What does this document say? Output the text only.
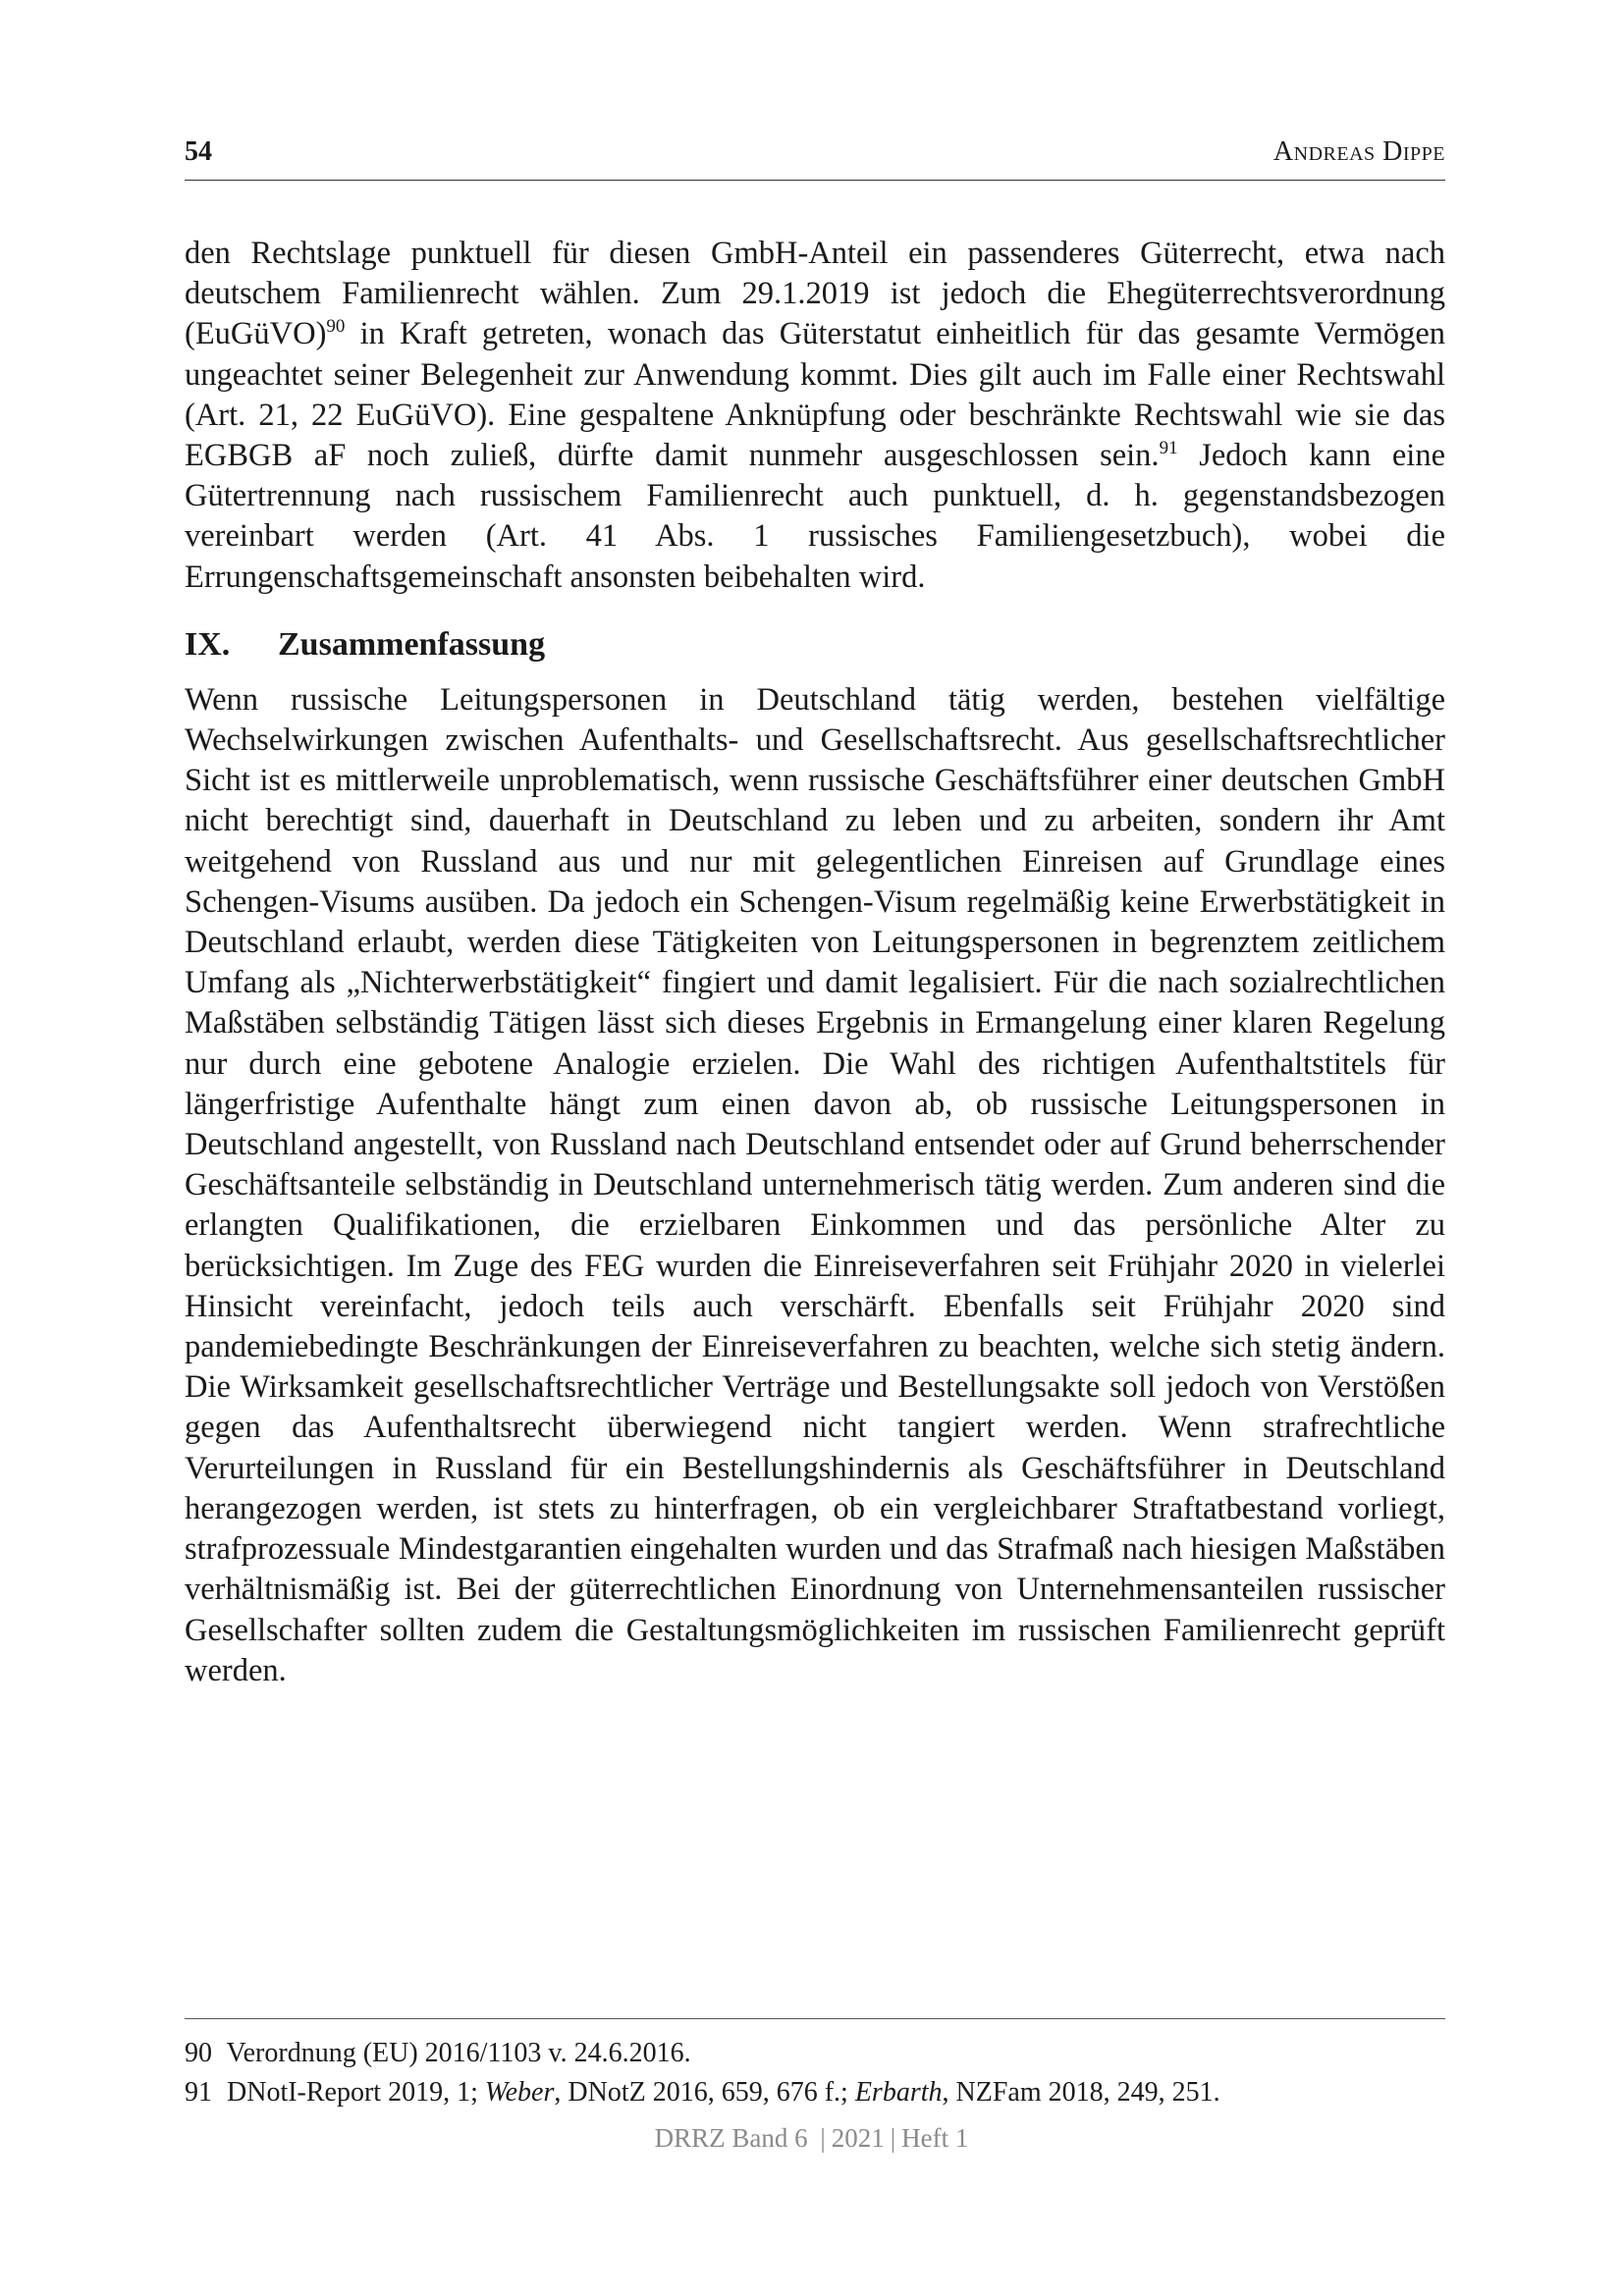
54	Andreas Dippe

den Rechtslage punktuell für diesen GmbH-Anteil ein passenderes Güterrecht, etwa nach deutschem Familienrecht wählen. Zum 29.1.2019 ist jedoch die Ehegüterrechtsverordnung (EuGüVO)$^{90}$ in Kraft getreten, wonach das Güterstatut einheitlich für das gesamte Vermögen ungeachtet seiner Belegenheit zur Anwendung kommt. Dies gilt auch im Falle einer Rechtswahl (Art. 21, 22 EuGüVO). Eine gespaltene Anknüpfung oder beschränkte Rechtswahl wie sie das EGBGB aF noch zuließ, dürfte damit nunmehr ausgeschlossen sein.$^{91}$ Jedoch kann eine Gütertrennung nach russischem Familienrecht auch punktuell, d. h. gegenstandsbezogen vereinbart werden (Art. 41 Abs. 1 russisches Familiengesetzbuch), wobei die Errungenschaftsgemeinschaft ansonsten beibehalten wird.

IX. Zusammenfassung

Wenn russische Leitungspersonen in Deutschland tätig werden, bestehen vielfältige Wechselwirkungen zwischen Aufenthalts- und Gesellschaftsrecht. Aus gesellschaftsrechtlicher Sicht ist es mittlerweile unproblematisch, wenn russische Geschäftsführer einer deutschen GmbH nicht berechtigt sind, dauerhaft in Deutschland zu leben und zu arbeiten, sondern ihr Amt weitgehend von Russland aus und nur mit gelegentlichen Einreisen auf Grundlage eines Schengen-Visums ausüben. Da jedoch ein Schengen-Visum regelmäßig keine Erwerbstätigkeit in Deutschland erlaubt, werden diese Tätigkeiten von Leitungspersonen in begrenztem zeitlichem Umfang als „Nichterwerbstätigkeit“ fingiert und damit legalisiert. Für die nach sozialrechtlichen Maßstäben selbständig Tätigen lässt sich dieses Ergebnis in Ermangelung einer klaren Regelung nur durch eine gebotene Analogie erzielen. Die Wahl des richtigen Aufenthaltstitels für längerfristige Aufenthalte hängt zum einen davon ab, ob russische Leitungspersonen in Deutschland angestellt, von Russland nach Deutschland entsendet oder auf Grund beherrschender Geschäftsanteile selbständig in Deutschland unternehmerisch tätig werden. Zum anderen sind die erlangten Qualifikationen, die erzielbaren Einkommen und das persönliche Alter zu berücksichtigen. Im Zuge des FEG wurden die Einreiseverfahren seit Frühjahr 2020 in vielerlei Hinsicht vereinfacht, jedoch teils auch verschärft. Ebenfalls seit Frühjahr 2020 sind pandemiebedingte Beschränkungen der Einreiseverfahren zu beachten, welche sich stetig ändern. Die Wirksamkeit gesellschaftsrechtlicher Verträge und Bestellungsakte soll jedoch von Verstößen gegen das Aufenthaltsrecht überwiegend nicht tangiert werden. Wenn strafrechtliche Verurteilungen in Russland für ein Bestellungshindernis als Geschäftsführer in Deutschland herangezogen werden, ist stets zu hinterfragen, ob ein vergleichbarer Straftatbestand vorliegt, strafprozessuale Mindestgarantien eingehalten wurden und das Strafmaß nach hiesigen Maßstäben verhältnismäßig ist. Bei der güterrechtlichen Einordnung von Unternehmensanteilen russischer Gesellschafter sollten zudem die Gestaltungsmöglichkeiten im russischen Familienrecht geprüft werden.

90 Verordnung (EU) 2016/1103 v. 24.6.2016.
91 DNotI-Report 2019, 1; Weber, DNotZ 2016, 659, 676 f.; Erbarth, NZFam 2018, 249, 251.
DRRZ Band 6 | 2021 | Heft 1
